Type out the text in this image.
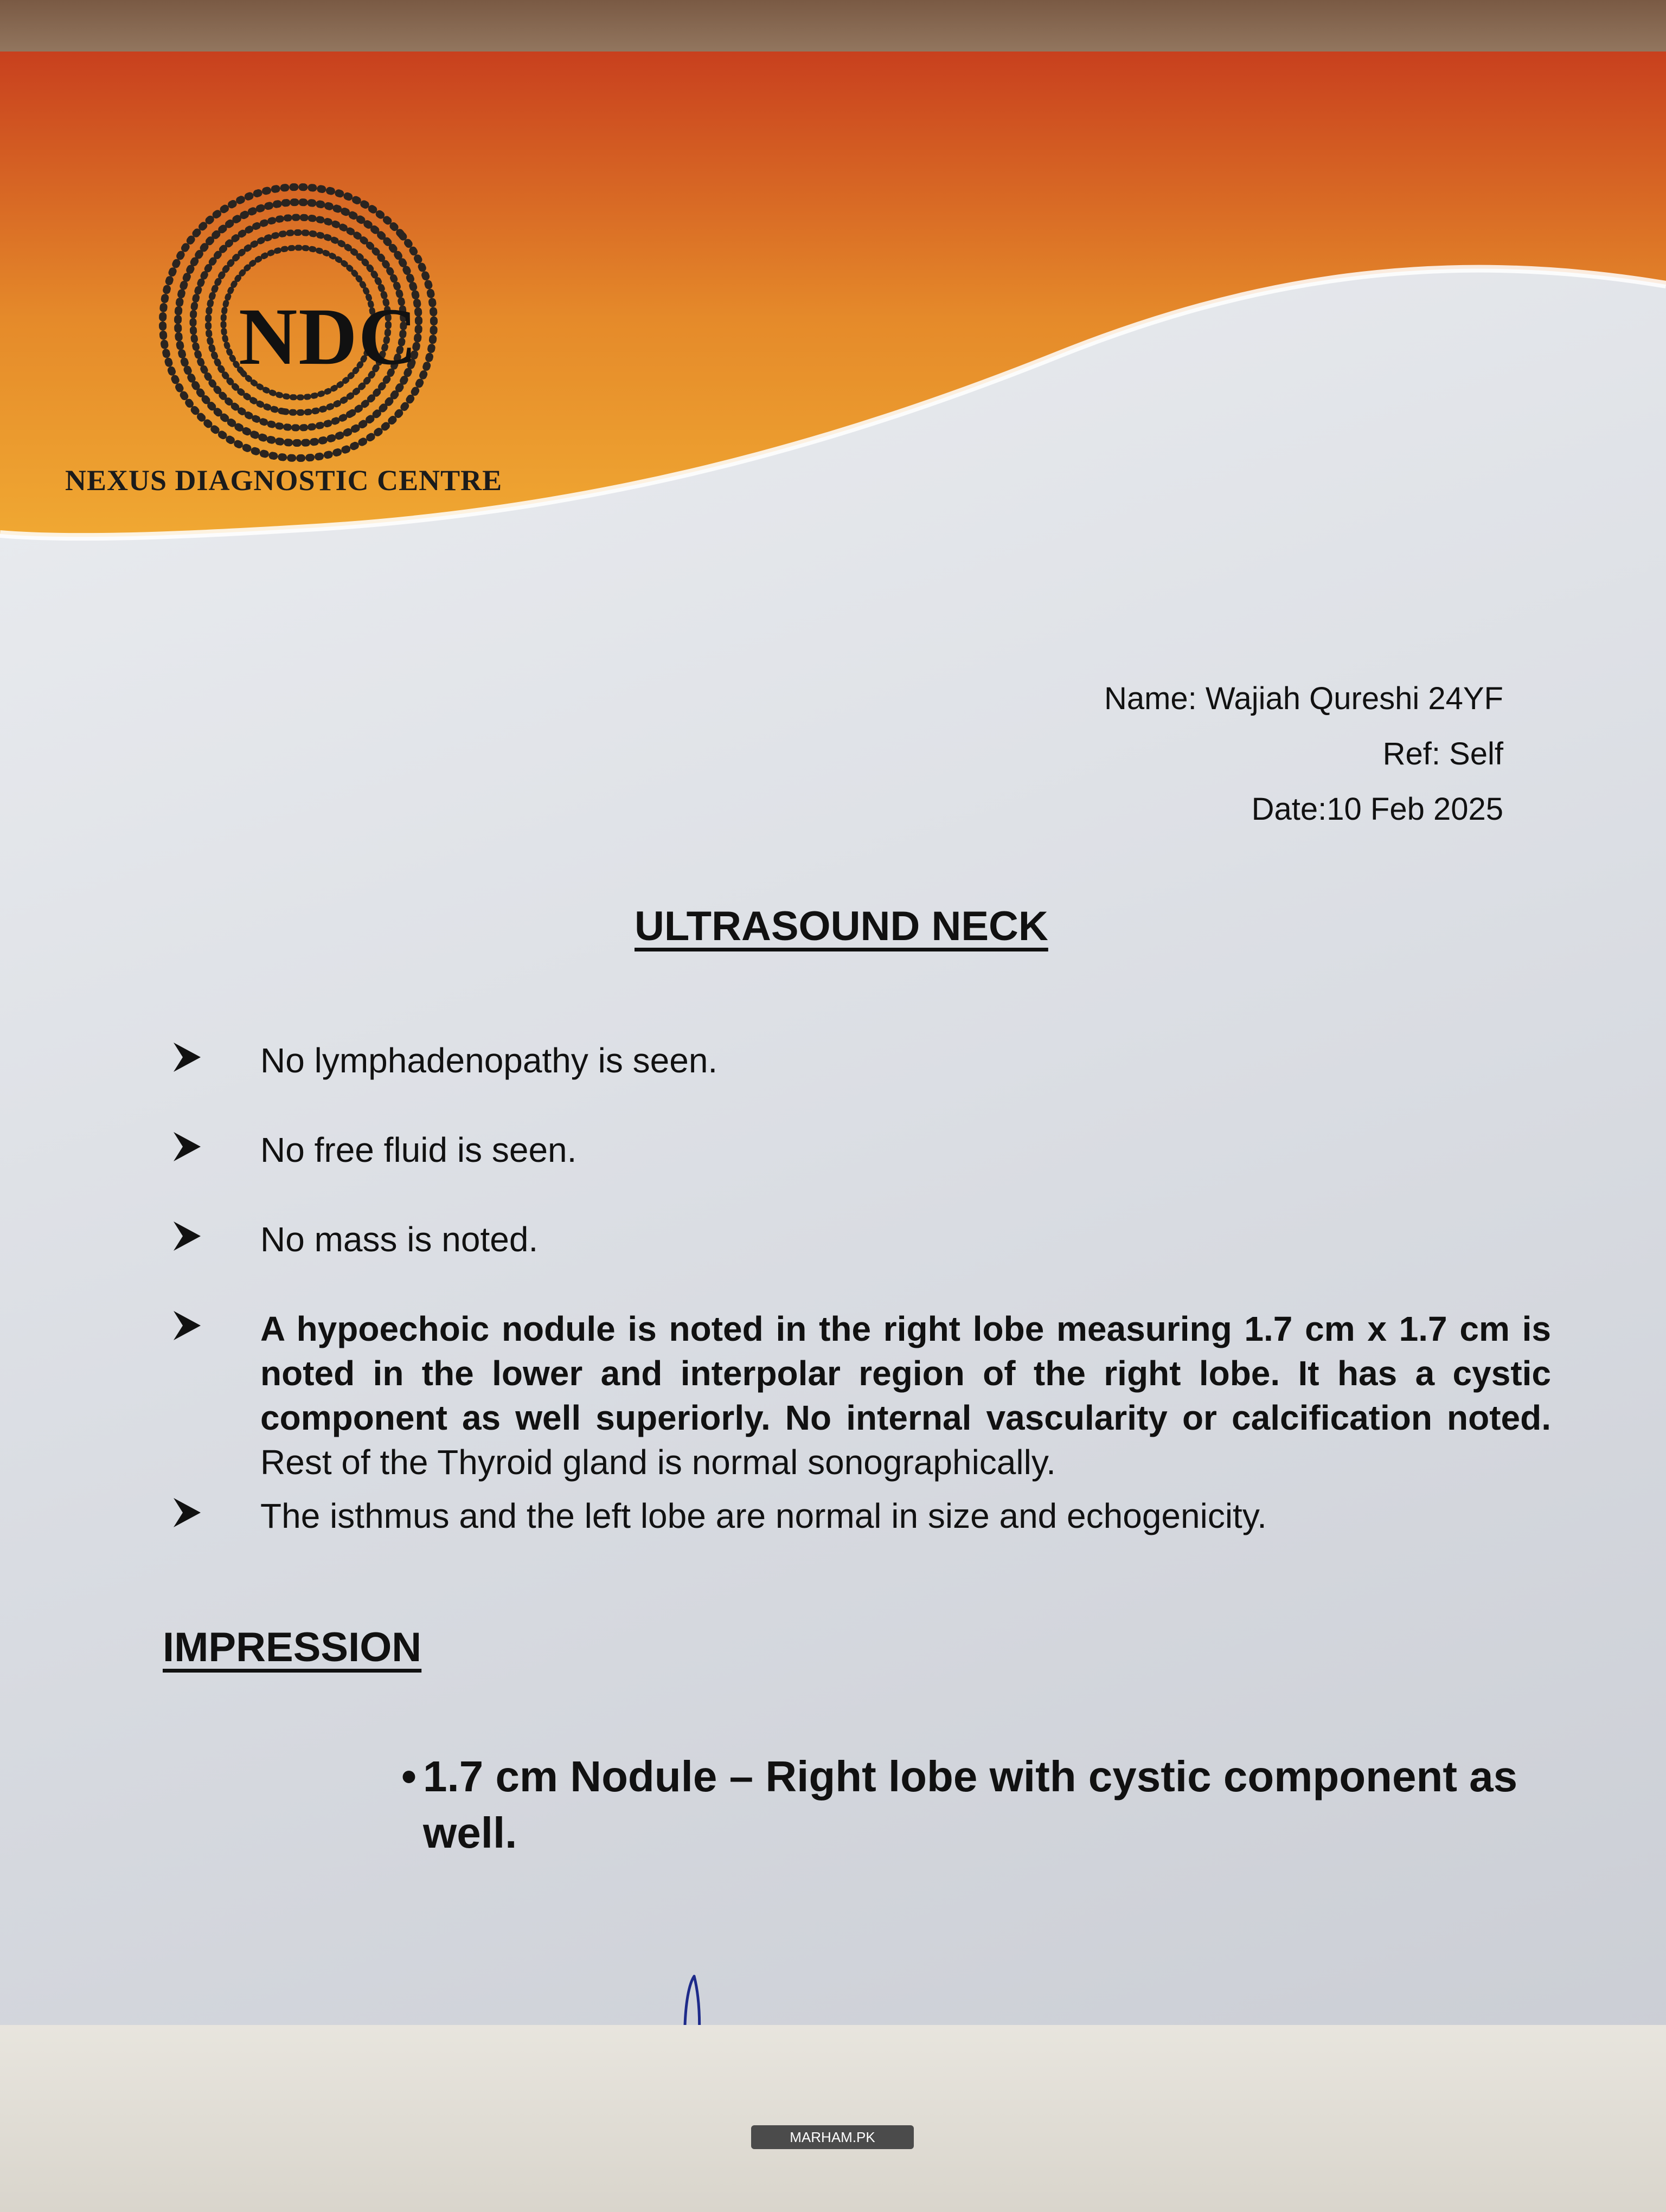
NDC
NEXUS DIAGNOSTIC CENTRE
Name: Wajiah Qureshi 24YF
Ref: Self
Date:10 Feb 2025
ULTRASOUND NECK
No lymphadenopathy is seen.
No free fluid is seen.
No mass is noted.
A hypoechoic nodule is noted in the right lobe measuring 1.7 cm x 1.7 cm is noted in the lower and interpolar region of the right lobe. It has a cystic component as well superiorly. No internal vascularity or calcification noted. Rest of the Thyroid gland is normal sonographically.
The isthmus and the left lobe are normal in size and echogenicity.
IMPRESSION
• 1.7 cm Nodule – Right lobe with cystic component as well.
MARHAM.PK
